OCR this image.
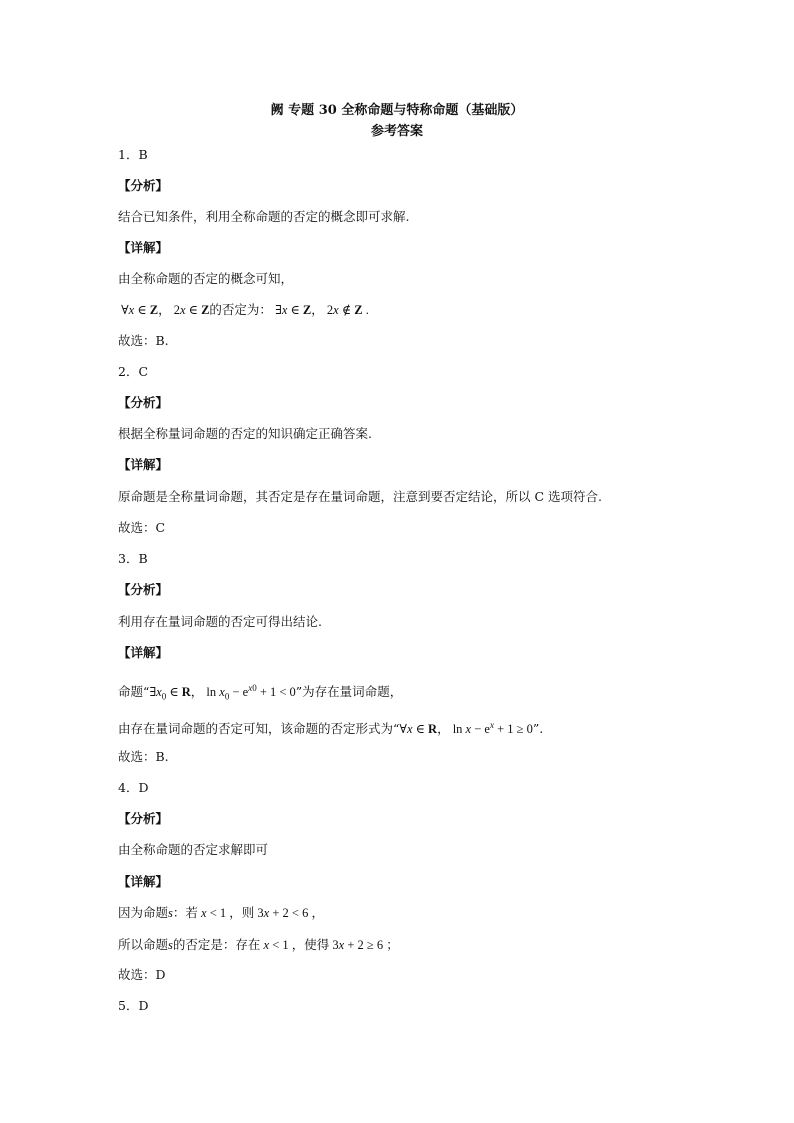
阙 专题 30 全称命题与特称命题（基础版）
参考答案
1．B
【分析】
结合已知条件，利用全称命题的否定的概念即可求解.
【详解】
由全称命题的否定的概念可知，
∀x ∈ Z， 2x ∈ Z的否定为： ∃x ∈ Z， 2x ∉ Z .
故选：B.
2．C
【分析】
根据全称量词命题的否定的知识确定正确答案.
【详解】
原命题是全称量词命题，其否定是存在量词命题，注意到要否定结论，所以 C 选项符合.
故选：C
3．B
【分析】
利用存在量词命题的否定可得出结论.
【详解】
命题“$\exists x_0$ ∈ R， $\ln x_0 - e^{x0} + 1 < 0$”为存在量词命题，
由存在量词命题的否定可知，该命题的否定形式为“∀x ∈ R， $\ln x - e^x + 1 \ge 0$”.
故选：B.
4．D
【分析】
由全称命题的否定求解即可
【详解】
因为命题s：若 x < 1 ，则 3x + 2 < 6 ，
所以命题s的否定是：存在 x < 1 ，使得 3x + 2 ≥ 6 ；
故选：D
5．D
